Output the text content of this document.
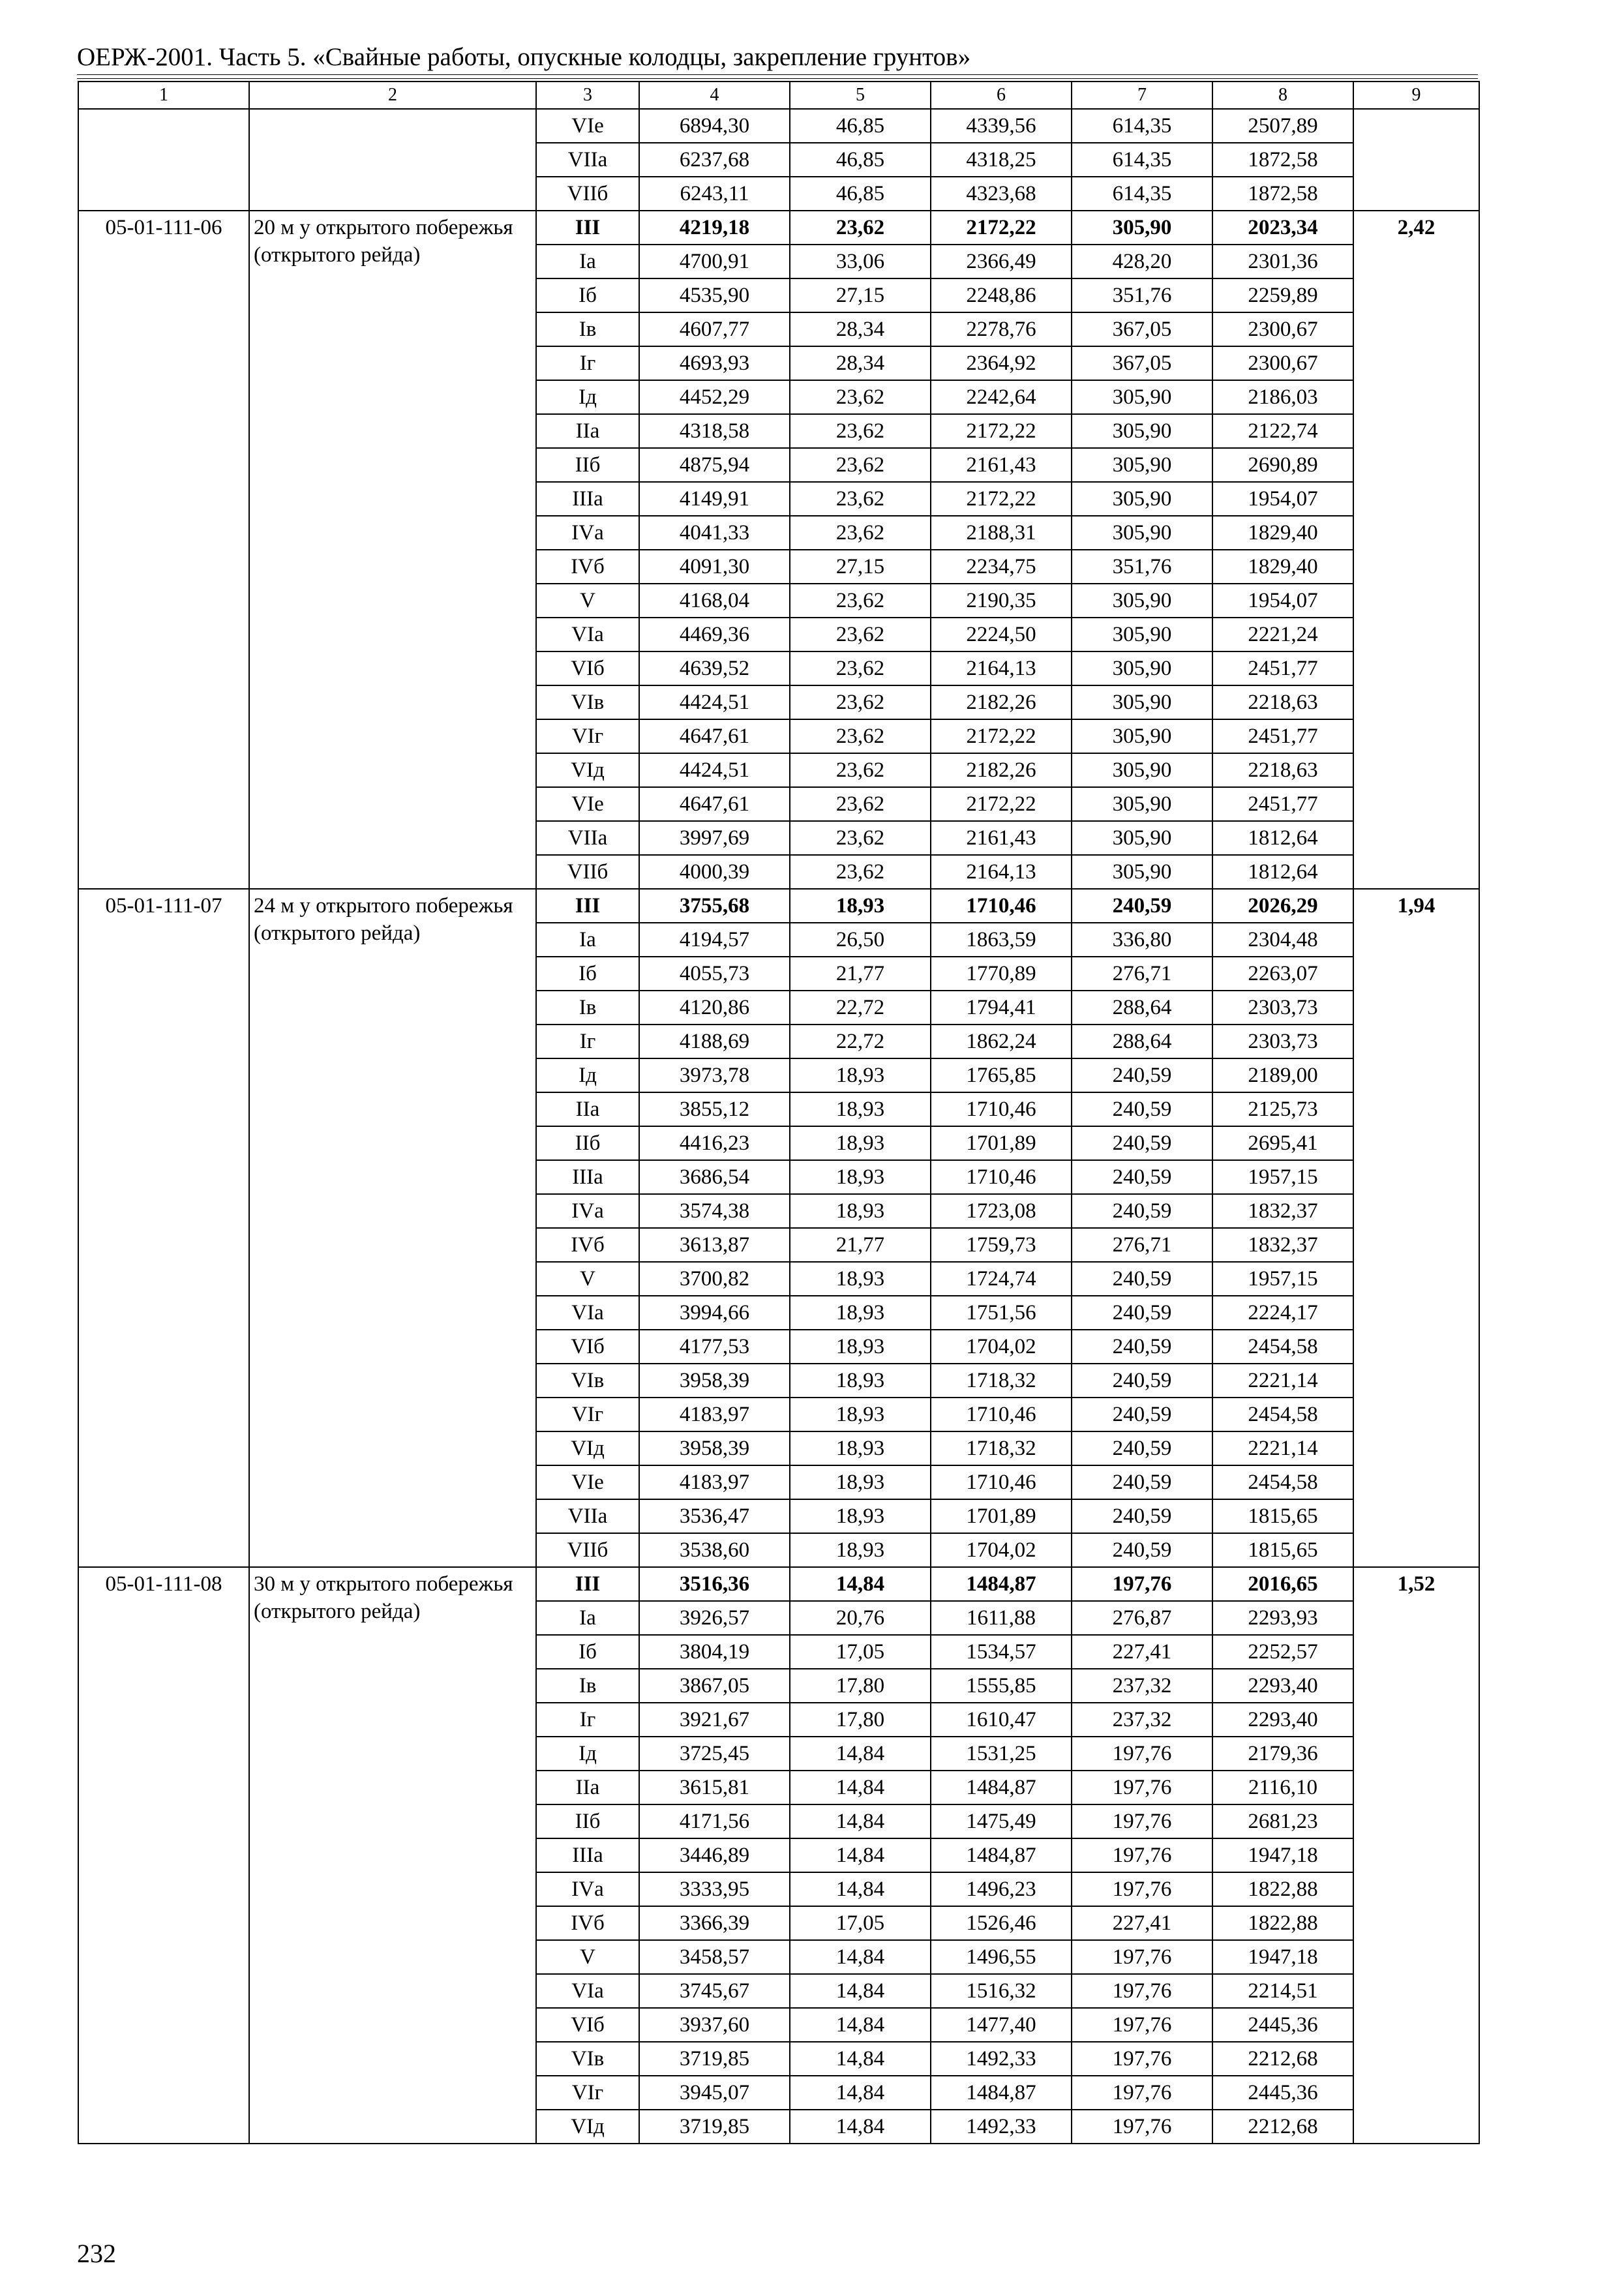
ОЕРЖ-2001. Часть 5. «Свайные работы, опускные колодцы, закрепление грунтов»
1	2	3	4	5	6	7	8	9
		VIе	6894,30	46,85	4339,56	614,35	2507,89	
		VIIа	6237,68	46,85	4318,25	614,35	1872,58	
		VIIб	6243,11	46,85	4323,68	614,35	1872,58	
05-01-111-06	20 м у открытого побережья (открытого рейда)	III	4219,18	23,62	2172,22	305,90	2023,34	2,42
		Iа	4700,91	33,06	2366,49	428,20	2301,36	
		Iб	4535,90	27,15	2248,86	351,76	2259,89	
		Iв	4607,77	28,34	2278,76	367,05	2300,67	
		Iг	4693,93	28,34	2364,92	367,05	2300,67	
		Iд	4452,29	23,62	2242,64	305,90	2186,03	
		IIа	4318,58	23,62	2172,22	305,90	2122,74	
		IIб	4875,94	23,62	2161,43	305,90	2690,89	
		IIIа	4149,91	23,62	2172,22	305,90	1954,07	
		IVа	4041,33	23,62	2188,31	305,90	1829,40	
		IVб	4091,30	27,15	2234,75	351,76	1829,40	
		V	4168,04	23,62	2190,35	305,90	1954,07	
		VIа	4469,36	23,62	2224,50	305,90	2221,24	
		VIб	4639,52	23,62	2164,13	305,90	2451,77	
		VIв	4424,51	23,62	2182,26	305,90	2218,63	
		VIг	4647,61	23,62	2172,22	305,90	2451,77	
		VIд	4424,51	23,62	2182,26	305,90	2218,63	
		VIе	4647,61	23,62	2172,22	305,90	2451,77	
		VIIа	3997,69	23,62	2161,43	305,90	1812,64	
		VIIб	4000,39	23,62	2164,13	305,90	1812,64	
05-01-111-07	24 м у открытого побережья (открытого рейда)	III	3755,68	18,93	1710,46	240,59	2026,29	1,94
		Iа	4194,57	26,50	1863,59	336,80	2304,48	
		Iб	4055,73	21,77	1770,89	276,71	2263,07	
		Iв	4120,86	22,72	1794,41	288,64	2303,73	
		Iг	4188,69	22,72	1862,24	288,64	2303,73	
		Iд	3973,78	18,93	1765,85	240,59	2189,00	
		IIа	3855,12	18,93	1710,46	240,59	2125,73	
		IIб	4416,23	18,93	1701,89	240,59	2695,41	
		IIIа	3686,54	18,93	1710,46	240,59	1957,15	
		IVа	3574,38	18,93	1723,08	240,59	1832,37	
		IVб	3613,87	21,77	1759,73	276,71	1832,37	
		V	3700,82	18,93	1724,74	240,59	1957,15	
		VIа	3994,66	18,93	1751,56	240,59	2224,17	
		VIб	4177,53	18,93	1704,02	240,59	2454,58	
		VIв	3958,39	18,93	1718,32	240,59	2221,14	
		VIг	4183,97	18,93	1710,46	240,59	2454,58	
		VIд	3958,39	18,93	1718,32	240,59	2221,14	
		VIе	4183,97	18,93	1710,46	240,59	2454,58	
		VIIа	3536,47	18,93	1701,89	240,59	1815,65	
		VIIб	3538,60	18,93	1704,02	240,59	1815,65	
05-01-111-08	30 м у открытого побережья (открытого рейда)	III	3516,36	14,84	1484,87	197,76	2016,65	1,52
		Iа	3926,57	20,76	1611,88	276,87	2293,93	
		Iб	3804,19	17,05	1534,57	227,41	2252,57	
		Iв	3867,05	17,80	1555,85	237,32	2293,40	
		Iг	3921,67	17,80	1610,47	237,32	2293,40	
		Iд	3725,45	14,84	1531,25	197,76	2179,36	
		IIа	3615,81	14,84	1484,87	197,76	2116,10	
		IIб	4171,56	14,84	1475,49	197,76	2681,23	
		IIIа	3446,89	14,84	1484,87	197,76	1947,18	
		IVа	3333,95	14,84	1496,23	197,76	1822,88	
		IVб	3366,39	17,05	1526,46	227,41	1822,88	
		V	3458,57	14,84	1496,55	197,76	1947,18	
		VIа	3745,67	14,84	1516,32	197,76	2214,51	
		VIб	3937,60	14,84	1477,40	197,76	2445,36	
		VIв	3719,85	14,84	1492,33	197,76	2212,68	
		VIг	3945,07	14,84	1484,87	197,76	2445,36	
		VIд	3719,85	14,84	1492,33	197,76	2212,68	
232
